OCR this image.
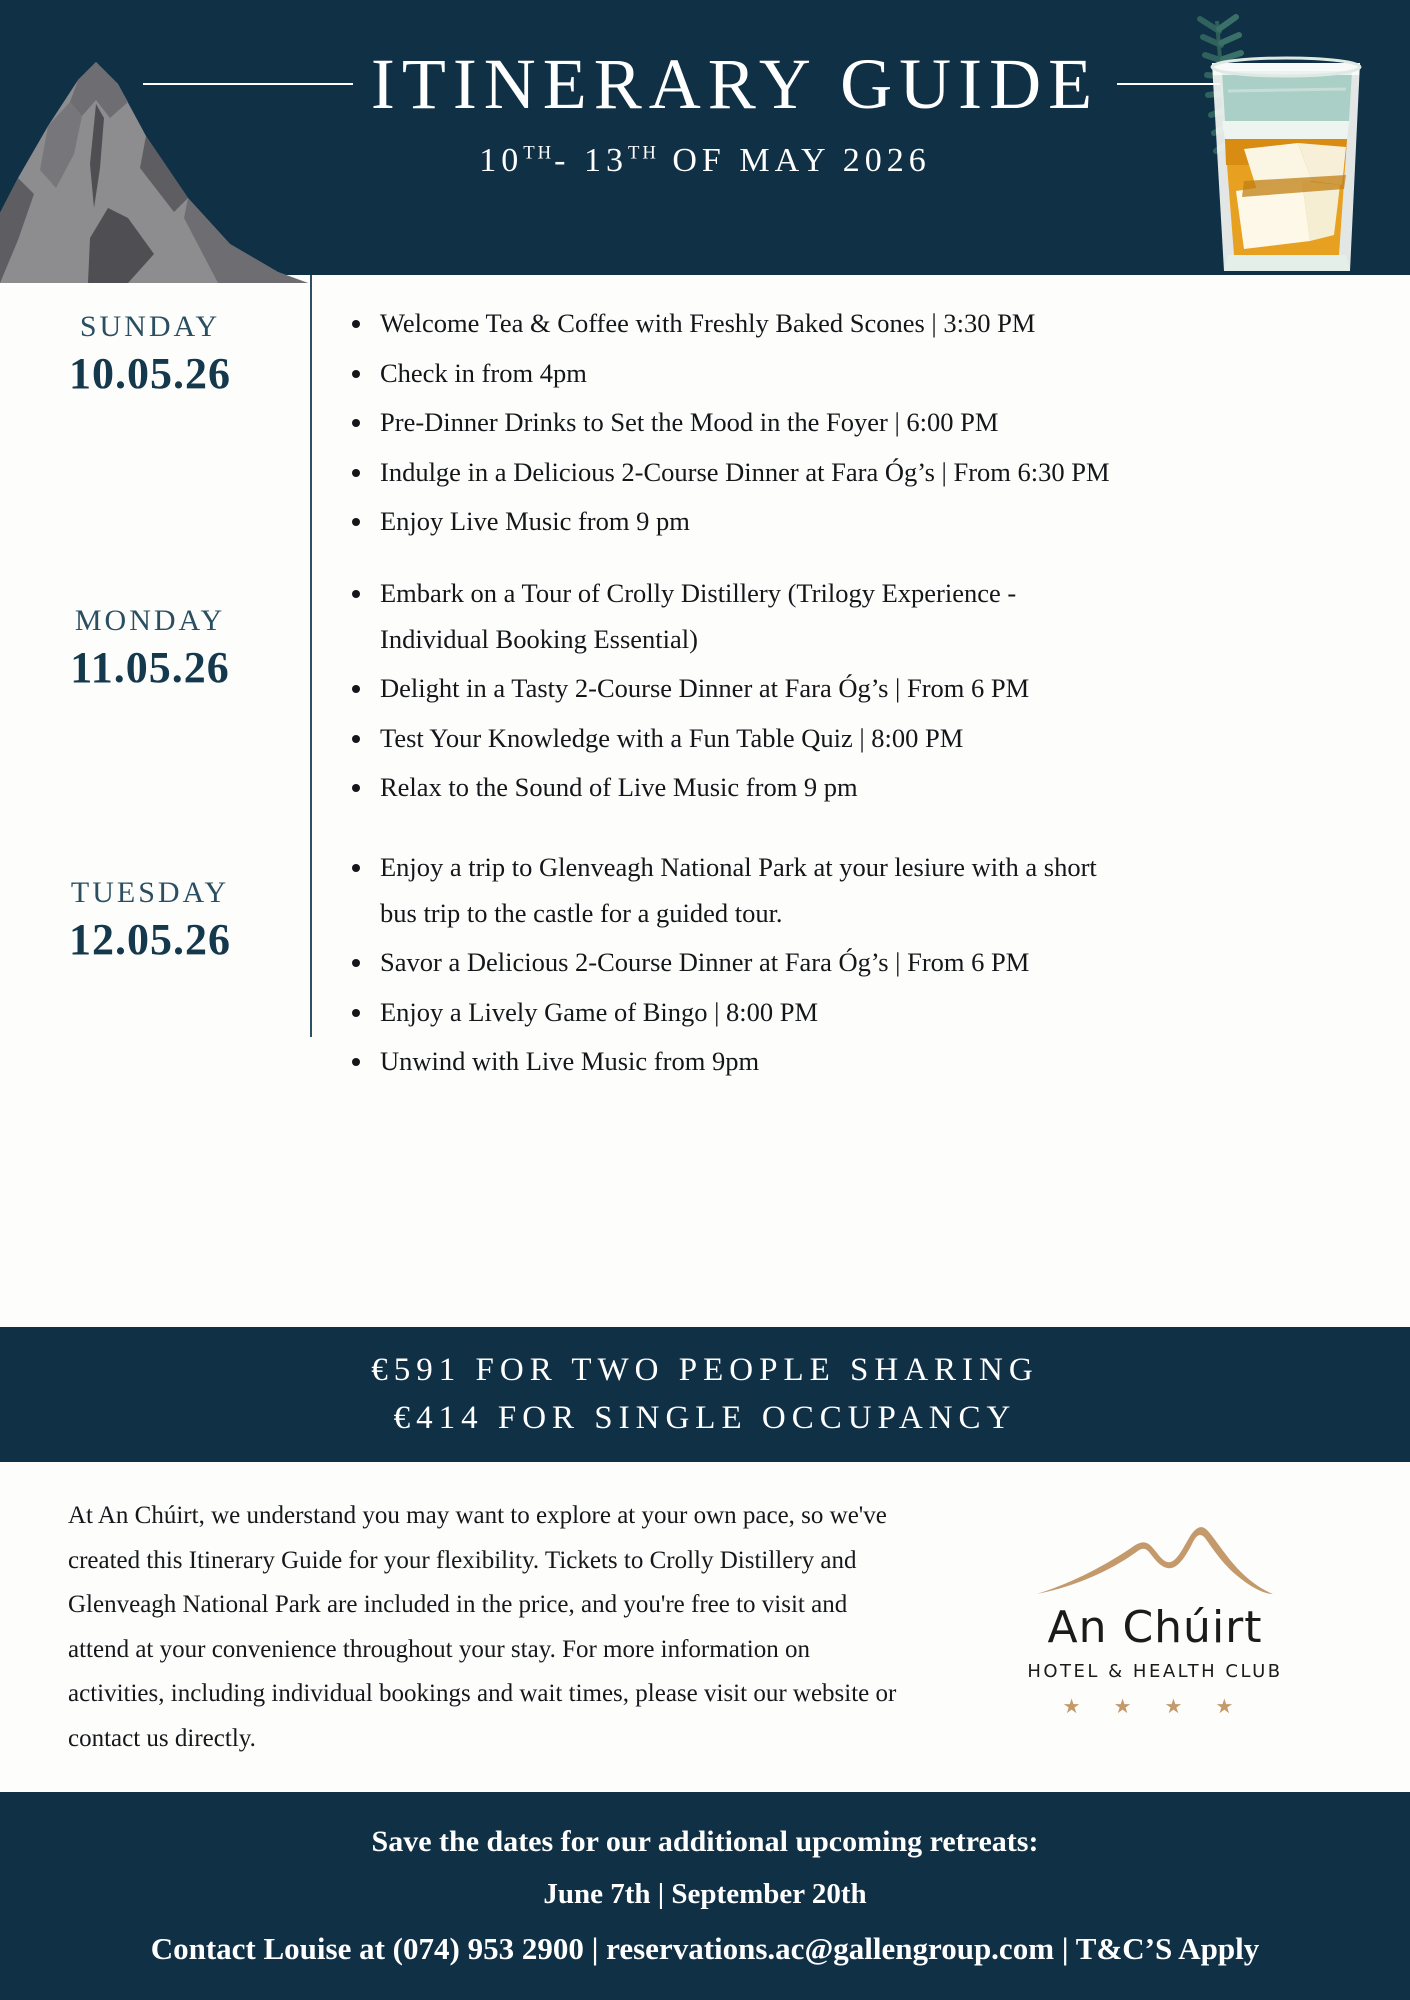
ITINERARY GUIDE
10TH- 13TH OF MAY 2026
SUNDAY
10.05.26
Welcome Tea & Coffee with Freshly Baked Scones | 3:30 PM
Check in from 4pm
Pre-Dinner Drinks to Set the Mood in the Foyer | 6:00 PM
Indulge in a Delicious 2-Course Dinner at Fara Óg’s | From 6:30 PM
Enjoy Live Music from 9 pm
MONDAY
11.05.26
Embark on a Tour of Crolly Distillery (Trilogy Experience - Individual Booking Essential)
Delight in a Tasty 2-Course Dinner at Fara Óg’s | From 6 PM
Test Your Knowledge with a Fun Table Quiz | 8:00 PM
Relax to the Sound of Live Music from 9 pm
TUESDAY
12.05.26
Enjoy a trip to Glenveagh National Park at your lesiure with a short bus trip to the castle for a guided tour.
Savor a Delicious 2-Course Dinner at Fara Óg’s | From 6 PM
Enjoy a Lively Game of Bingo | 8:00 PM
Unwind with Live Music from 9pm
€591 FOR TWO PEOPLE SHARING
€414 FOR SINGLE OCCUPANCY
At An Chúirt, we understand you may want to explore at your own pace, so we've created this Itinerary Guide for your flexibility. Tickets to Crolly Distillery and Glenveagh National Park are included in the price, and you're free to visit and attend at your convenience throughout your stay. For more information on activities, including individual bookings and wait times, please visit our website or contact us directly.
An Chúirt
HOTEL & HEALTH CLUB
★ ★ ★ ★
Save the dates for our additional upcoming retreats:
June 7th | September 20th
Contact Louise at (074) 953 2900 | reservations.ac@gallengroup.com | T&C’S Apply
